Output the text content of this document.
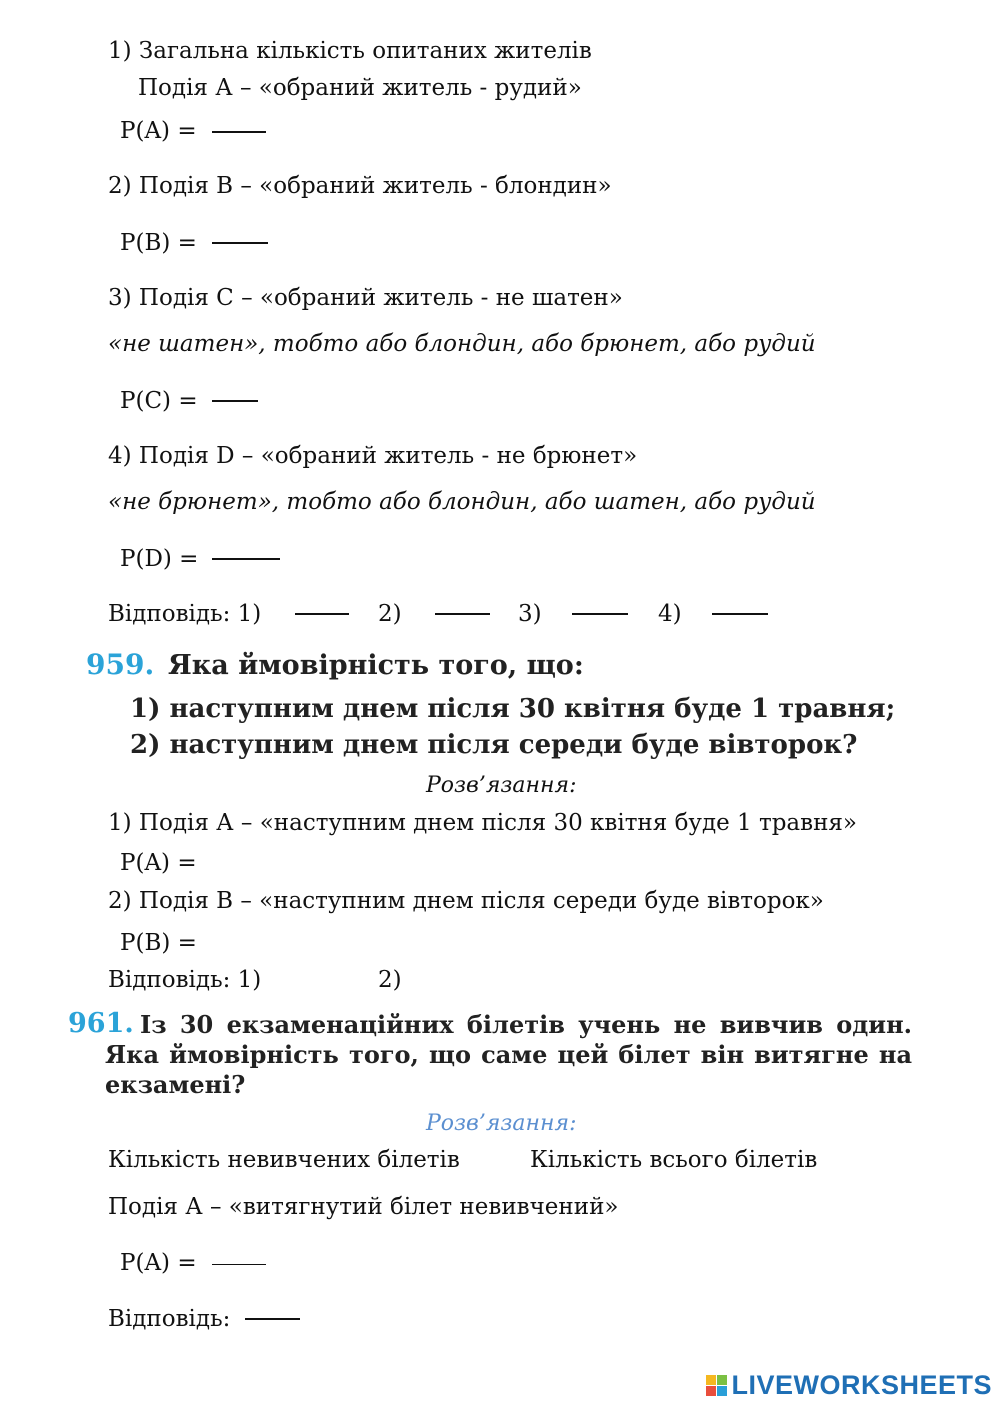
1) Загальна кількість опитаних жителів
Подія А – «обраний житель - рудий»
P(A) =
2) Подія В – «обраний житель - блондин»
P(B) =
3) Подія С – «обраний житель - не шатен»
«не шатен», тобто або блондин, або брюнет, або рудий
P(C) =
4) Подія D – «обраний житель - не брюнет»
«не брюнет», тобто або блондин, або шатен, або рудий
P(D) =
Відповідь: 1)	2)	3)	4)
959. Яка ймовірність того, що:
1) наступним днем після 30 квітня буде 1 травня;
2) наступним днем після середи буде вівторок?
Розв’язання:
1) Подія А – «наступним днем після 30 квітня буде 1 травня»
P(A) =
2) Подія В – «наступним днем після середи буде вівторок»
P(B) =
Відповідь: 1)	2)
961. Із 30 екзаменаційних білетів учень не вивчив один.
Яка ймовірність того, що саме цей білет він витягне на
екзамені?
Розв’язання:
Кількість невивчених білетів	Кількість всього білетів
Подія А – «витягнутий білет невивчений»
P(A) =
Відповідь:
LIVEWORKSHEETS
